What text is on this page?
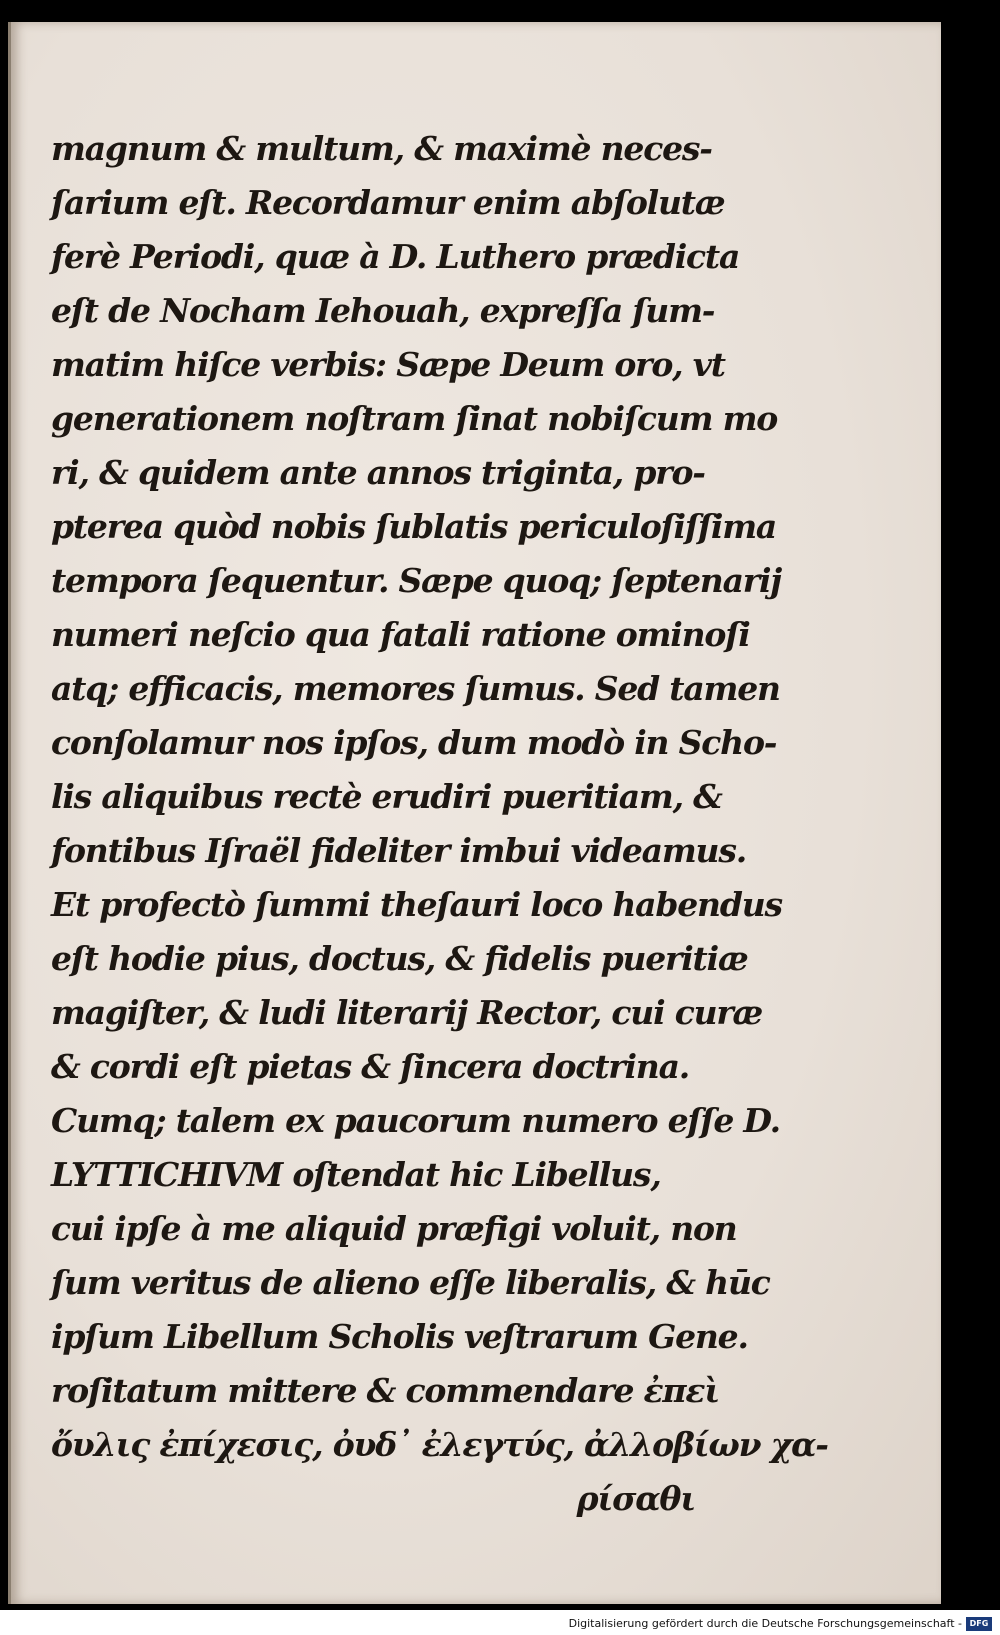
magnum & multum, & maximè neces-
ſarium eſt. Recordamur enim abſolutæ
ferè Periodi, quæ à D. Luthero prædicta
eſt de Nocham Iehouah, expreſſa ſum-
matim hiſce verbis: Sæpe Deum oro, vt
generationem noſtram ſinat nobiſcum mo
ri, & quidem ante annos triginta, pro-
pterea quòd nobis ſublatis periculoſiſſima
tempora ſequentur. Sæpe quoq; ſeptenarij
numeri neſcio qua fatali ratione ominoſi
atq; efficacis, memores ſumus. Sed tamen
conſolamur nos ipſos, dum modò in Scho-
lis aliquibus rectè erudiri pueritiam, &
fontibus Iſraël fideliter imbui videamus.
Et profectò ſummi theſauri loco habendus
eſt hodie pius, doctus, & fidelis pueritiæ
magiſter, & ludi literarij Rector, cui curæ
& cordi eſt pietas & ſincera doctrina.
Cumq; talem ex paucorum numero eſſe D.
LYTTICHIVM oſtendat hic Libellus,
cui ipſe à me aliquid præfigi voluit, non
ſum veritus de alieno eſſe liberalis, & hūc
ipſum Libellum Scholis veſtrarum Gene.
roſitatum mittere & commendare ἐπεὶ
ὄυλις ἐπίχεσις, ὀυδ᾽ ἐλεγτύς, ἀλλοβίων χα-
ρίσαθι
Digitalisierung gefördert durch die Deutsche Forschungsgemeinschaft - DFG
